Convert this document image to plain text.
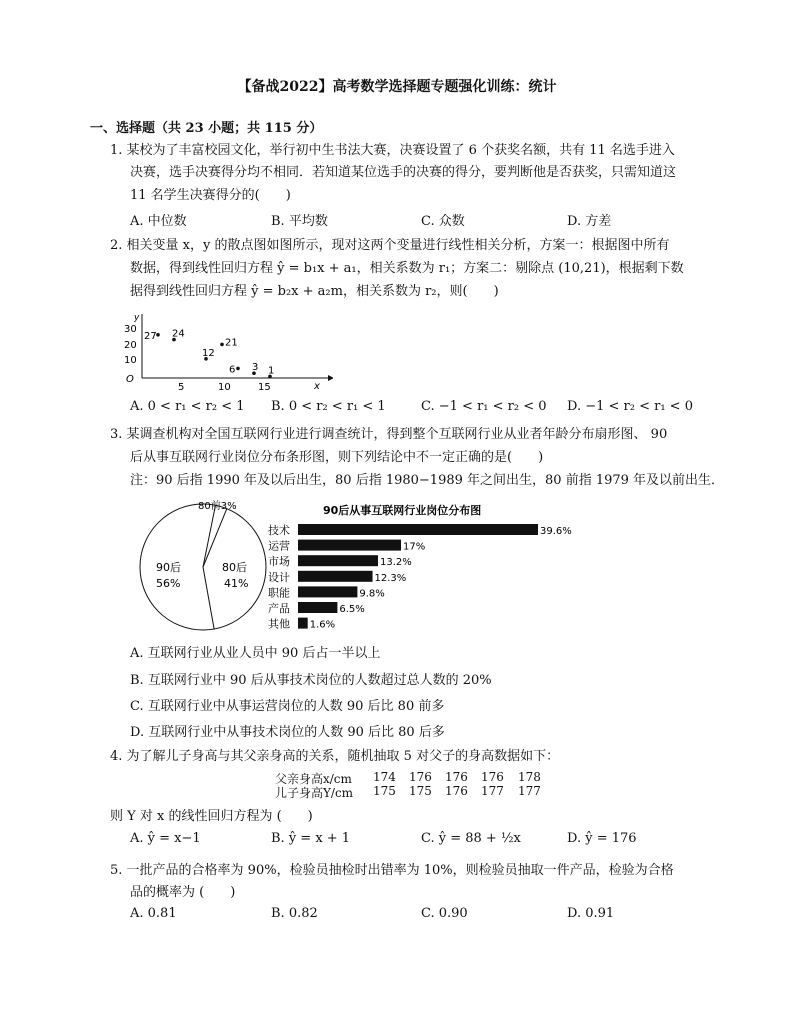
【备战2022】高考数学选择题专题强化训练：统计
一、选择题（共 23 小题；共 115 分）
1. 某校为了丰富校园文化，举行初中生书法大赛，决赛设置了 6 个获奖名额，共有 11 名选手进入
决赛，选手决赛得分均不相同．若知道某位选手的决赛的得分，要判断他是否获奖，只需知道这
11 名学生决赛得分的(　　)
A. 中位数	B. 平均数	C. 众数	D. 方差
2. 相关变量 x，y 的散点图如图所示，现对这两个变量进行线性相关分析，方案一：根据图中所有
数据，得到线性回归方程 ŷ = b₁x + a₁，相关系数为 r₁；方案二：剔除点 (10,21)，根据剩下数
据得到线性回归方程 ŷ = b₂x + a₂m，相关系数为 r₂，则(　　)
y
x
30
20
10
O
5	10	15
27 24
12
21
6 3 1
A. 0 < r₁ < r₂ < 1 B. 0 < r₂ < r₁ < 1	C. −1 < r₁ < r₂ < 0 D. −1 < r₂ < r₁ < 0
3. 某调查机构对全国互联网行业进行调查统计，得到整个互联网行业从业者年龄分布扇形图、 90
后从事互联网行业岗位分布条形图，则下列结论中不一定正确的是(　　)
注：90 后指 1990 年及以后出生，80 后指 1980−1989 年之间出生，80 前指 1979 年及以前出生．
90后
56%
80后
41%
80前3%	90后从事互联网行业岗位分布图
技术	39.6%
运营	17%
市场	13.2%
设计	12.3%
职能	9.8%
产品	6.5%
其他 1.6%
A. 互联网行业从业人员中 90 后占一半以上
B. 互联网行业中 90 后从事技术岗位的人数超过总人数的 20%
C. 互联网行业中从事运营岗位的人数 90 后比 80 前多
D. 互联网行业中从事技术岗位的人数 90 后比 80 后多
4. 为了解儿子身高与其父亲身高的关系，随机抽取 5 对父子的身高数据如下：
父亲身高x/cm 174 176 176 176 178
儿子身高Y/cm 175 175 176 177 177
则 Y 对 x 的线性回归方程为 (　　)
A. ŷ = x−1	B. ŷ = x + 1	C. ŷ = 88 + ½x	D. ŷ = 176
5. 一批产品的合格率为 90%，检验员抽检时出错率为 10%，则检验员抽取一件产品，检验为合格
品的概率为 (　　)
A. 0.81	B. 0.82	C. 0.90	D. 0.91
